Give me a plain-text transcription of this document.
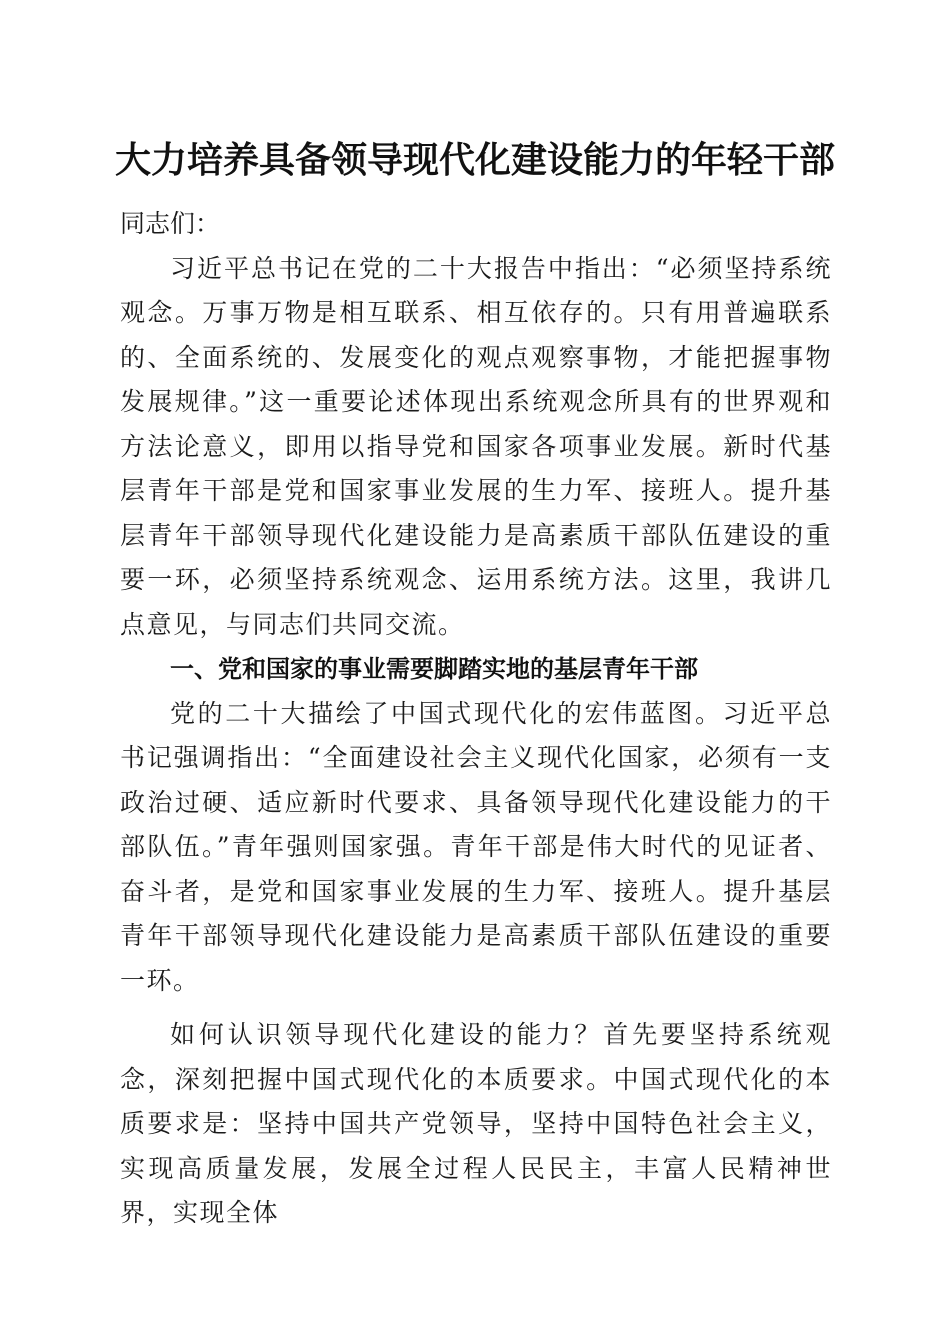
大力培养具备领导现代化建设能力的年轻干部

同志们：

习近平总书记在党的二十大报告中指出：“必须坚持系统观念。万事万物是相互联系、相互依存的。只有用普遍联系的、全面系统的、发展变化的观点观察事物，才能把握事物发展规律。”这一重要论述体现出系统观念所具有的世界观和方法论意义，即用以指导党和国家各项事业发展。新时代基层青年干部是党和国家事业发展的生力军、接班人。提升基层青年干部领导现代化建设能力是高素质干部队伍建设的重要一环，必须坚持系统观念、运用系统方法。这里，我讲几点意见，与同志们共同交流。

一、党和国家的事业需要脚踏实地的基层青年干部

党的二十大描绘了中国式现代化的宏伟蓝图。习近平总书记强调指出：“全面建设社会主义现代化国家，必须有一支政治过硬、适应新时代要求、具备领导现代化建设能力的干部队伍。”青年强则国家强。青年干部是伟大时代的见证者、奋斗者，是党和国家事业发展的生力军、接班人。提升基层青年干部领导现代化建设能力是高素质干部队伍建设的重要一环。

如何认识领导现代化建设的能力？首先要坚持系统观念，深刻把握中国式现代化的本质要求。中国式现代化的本质要求是：坚持中国共产党领导，坚持中国特色社会主义，实现高质量发展，发展全过程人民民主，丰富人民精神世界，实现全体
